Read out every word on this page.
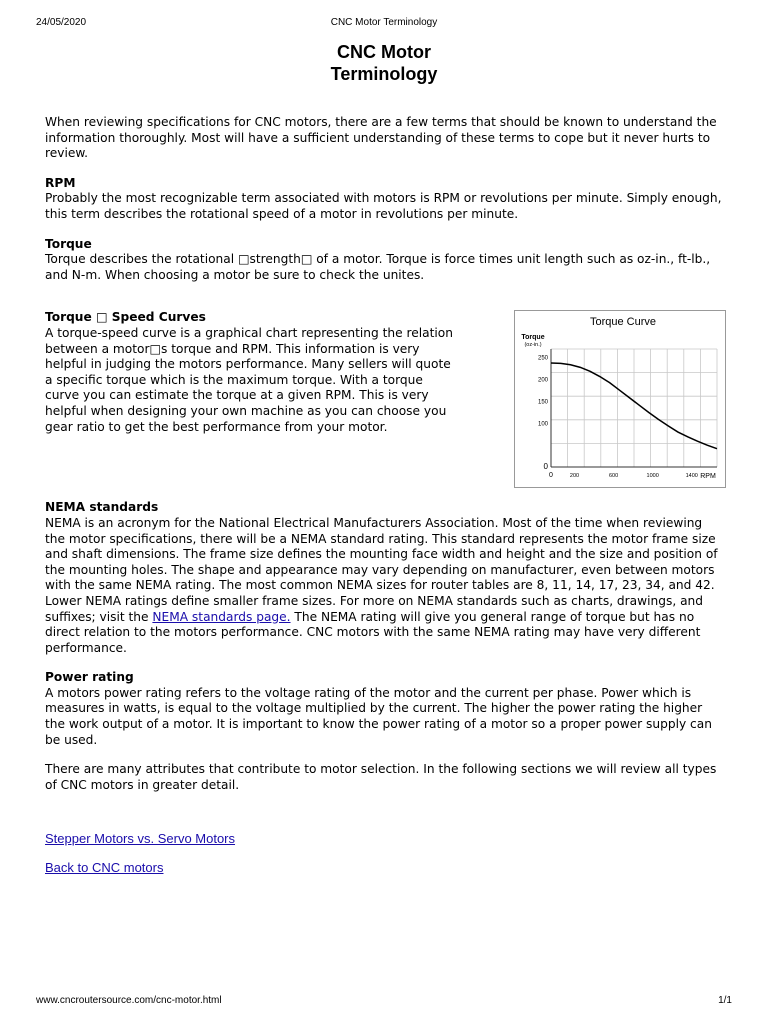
24/05/2020	CNC Motor Terminology
CNC Motor
Terminology

When reviewing specifications for CNC motors, there are a few terms that should be known to understand the information thoroughly. Most will have a sufficient understanding of these terms to cope but it never hurts to review.

RPM

Probably the most recognizable term associated with motors is RPM or revolutions per minute. Simply enough, this term describes the rotational speed of a motor in revolutions per minute.

Torque

Torque describes the rotational □strength□ of a motor. Torque is force times unit length such as oz-in., ft-lb., and N-m. When choosing a motor be sure to check the unites.

Torque □ Speed Curves

A torque-speed curve is a graphical chart representing the relation between a motor□s torque and RPM. This information is very helpful in judging the motors performance. Many sellers will quote a specific torque which is the maximum torque. With a torque curve you can estimate the torque at a given RPM. This is very helpful when designing your own machine as you can choose you gear ratio to get the best performance from your motor.

Torque Curve
Torque
(oz-in.)
RPM
250
200
150
100
0
0	200	600	1000	1400

NEMA standards

NEMA is an acronym for the National Electrical Manufacturers Association. Most of the time when reviewing the motor specifications, there will be a NEMA standard rating. This standard represents the motor frame size and shaft dimensions. The frame size defines the mounting face width and height and the size and position of the mounting holes. The shape and appearance may vary depending on manufacturer, even between motors with the same NEMA rating. The most common NEMA sizes for router tables are 8, 11, 14, 17, 23, 34, and 42. Lower NEMA ratings define smaller frame sizes. For more on NEMA standards such as charts, drawings, and suffixes; visit the NEMA standards page. The NEMA rating will give you general range of torque but has no direct relation to the motors performance. CNC motors with the same NEMA rating may have very different performance.

Power rating

A motors power rating refers to the voltage rating of the motor and the current per phase. Power which is measures in watts, is equal to the voltage multiplied by the current. The higher the power rating the higher the work output of a motor. It is important to know the power rating of a motor so a proper power supply can be used.

There are many attributes that contribute to motor selection. In the following sections we will review all types of CNC motors in greater detail.

Stepper Motors vs. Servo Motors
Back to CNC motors
www.cncroutersource.com/cnc-motor.html	1/1
